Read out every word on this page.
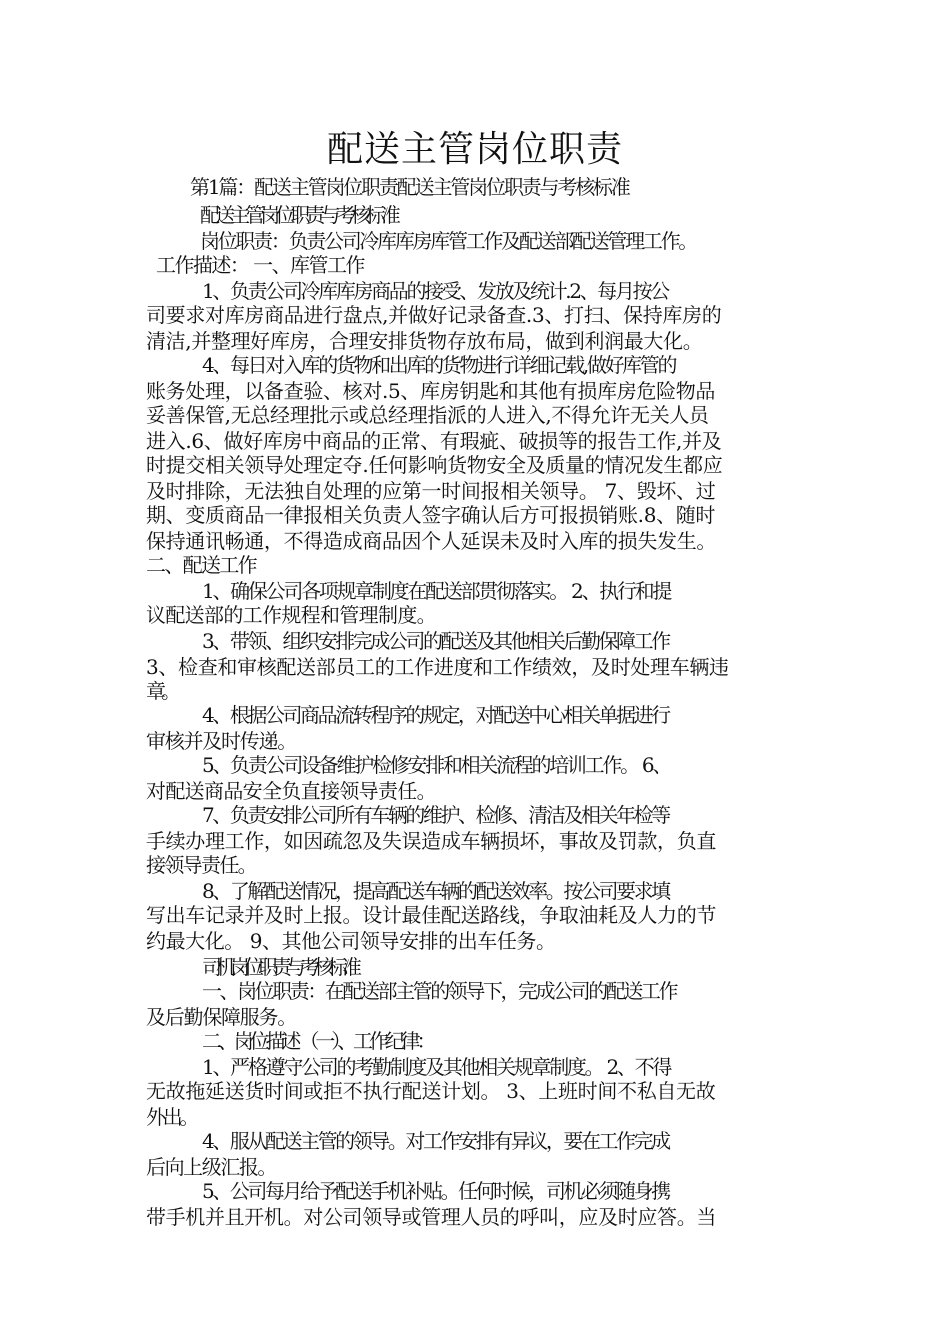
配送主管岗位职责
第1篇：配送主管岗位职责配送主管岗位职责与考核标准
配送主管岗位职责与考核标准
岗位职责：负责公司冷库库房库管工作及配送部配送管理工作。
工作描述： 一、库管工作
1、负责公司冷库库房商品的接受、发放及统计.2、每月按公
司要求对库房商品进行盘点,并做好记录备查.3、打扫、保持库房的
清洁,并整理好库房，合理安排货物存放布局，做到利润最大化。
4、每日对入库的货物和出库的货物进行详细记载,做好库管的
账务处理，以备查验、核对.5、库房钥匙和其他有损库房危险物品
妥善保管,无总经理批示或总经理指派的人进入,不得允许无关人员
进入.6、做好库房中商品的正常、有瑕疵、破损等的报告工作,并及
时提交相关领导处理定夺.任何影响货物安全及质量的情况发生都应
及时排除，无法独自处理的应第一时间报相关领导。 7、毁坏、过
期、变质商品一律报相关负责人签字确认后方可报损销账.8、随时
保持通讯畅通，不得造成商品因个人延误未及时入库的损失发生。
二、配送工作
1、确保公司各项规章制度在配送部贯彻落实。 2、执行和提
议配送部的工作规程和管理制度。
3、带领、组织安排完成公司的配送及其他相关后勤保障工作
3、检查和审核配送部员工的工作进度和工作绩效，及时处理车辆违
章。
4、根据公司商品流转程序的规定，对配送中心相关单据进行
审核并及时传递。
5、负责公司设备维护检修安排和相关流程的培训工作。 6、
对配送商品安全负直接领导责任。
7、负责安排公司所有车辆的维护、检修、清洁及相关年检等
手续办理工作，如因疏忽及失误造成车辆损坏，事故及罚款，负直
接领导责任。
8、了解配送情况，提高配送车辆的配送效率。按公司要求填
写出车记录并及时上报。设计最佳配送路线，争取油耗及人力的节
约最大化。 9、其他公司领导安排的出车任务。
司机岗位职责与考核标准
一、岗位职责：在配送部主管的领导下，完成公司的配送工作
及后勤保障服务。
二、岗位描述 （一）、工作纪律：
1、严格遵守公司的考勤制度及其他相关规章制度。 2、不得
无故拖延送货时间或拒不执行配送计划。 3、上班时间不私自无故
外出。
4、服从配送主管的领导。对工作安排有异议，要在工作完成
后向上级汇报。
5、公司每月给予配送手机补贴。任何时候，司机必须随身携
带手机并且开机。对公司领导或管理人员的呼叫，应及时应答。当
